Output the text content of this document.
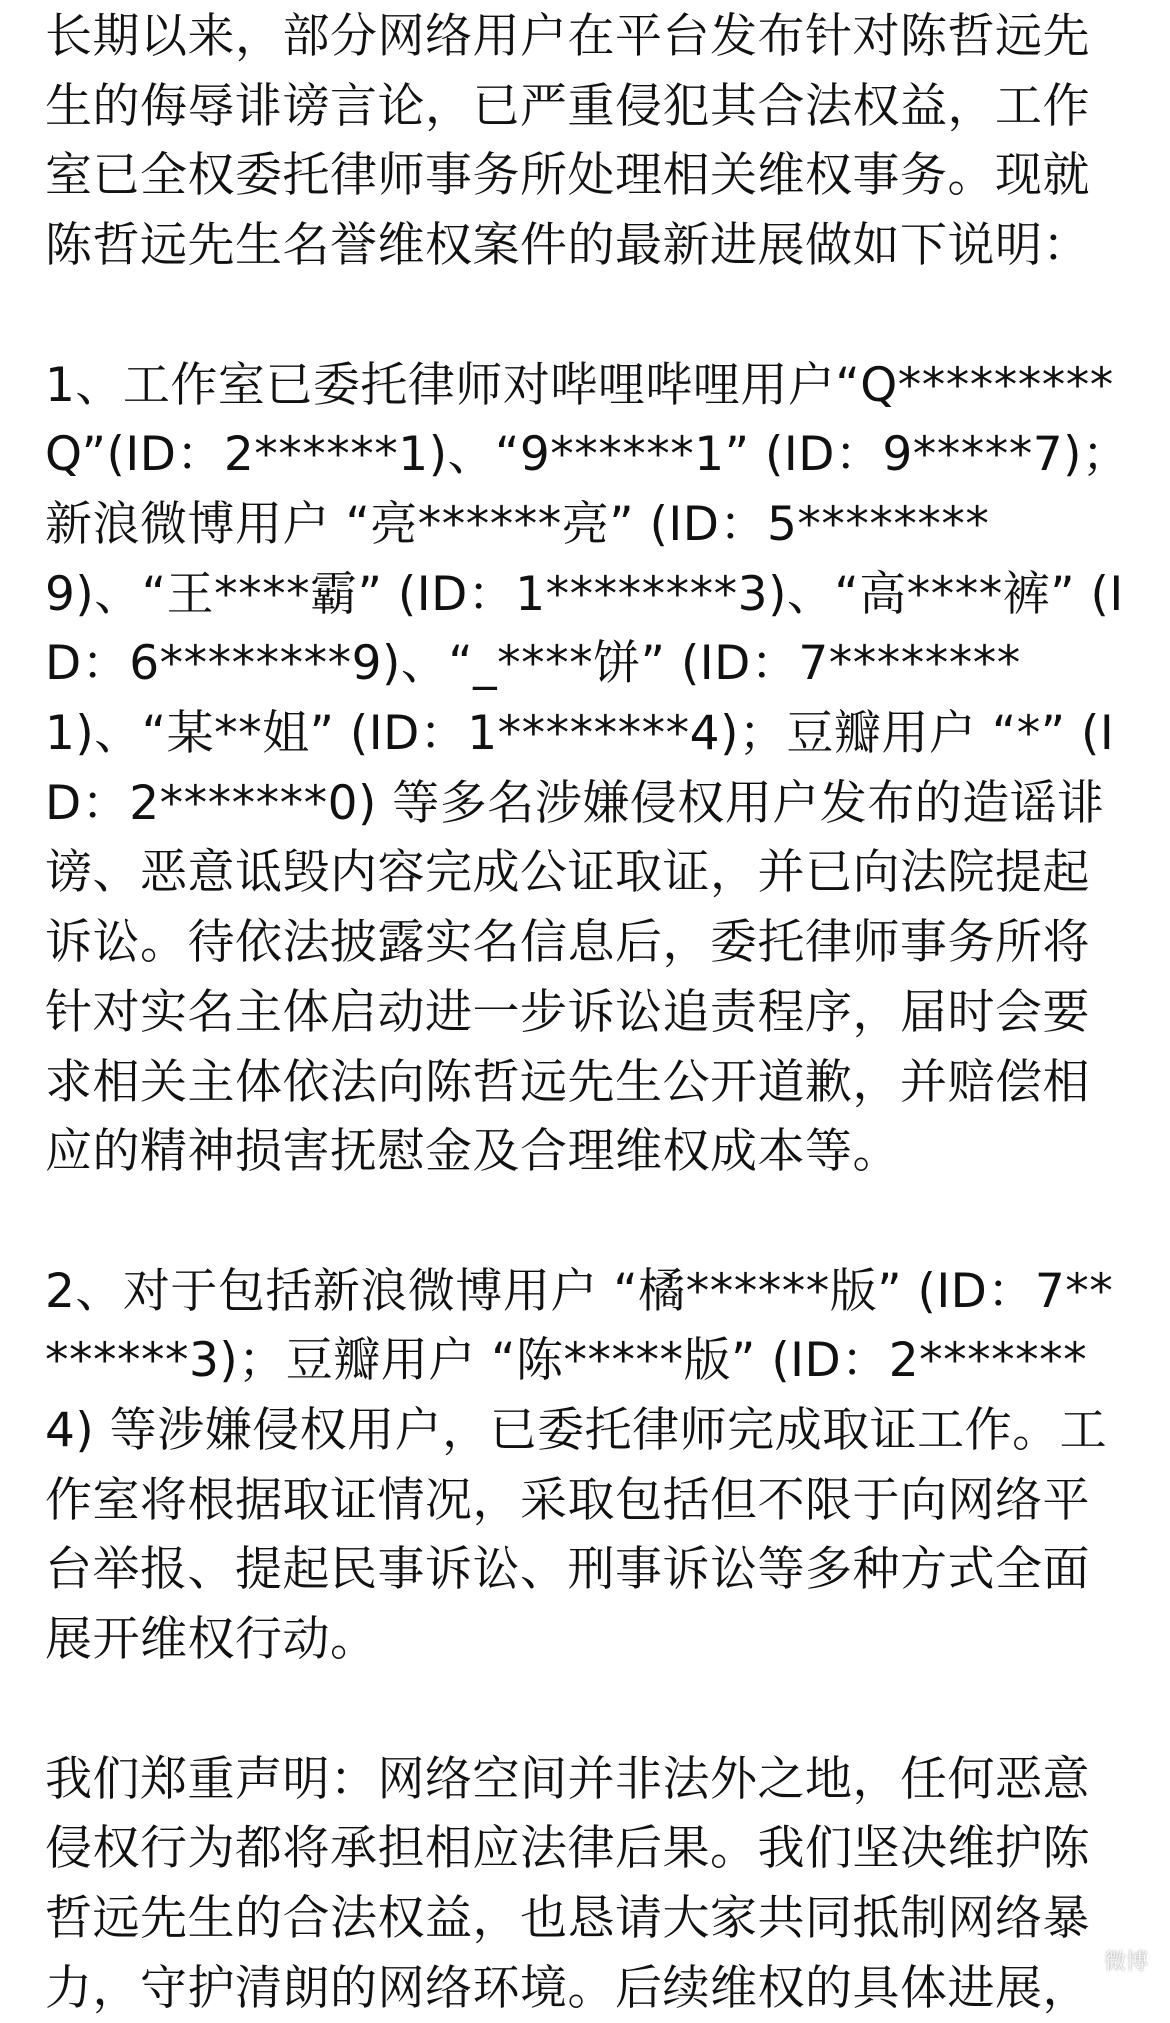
长期以来，部分网络用户在平台发布针对陈哲远先生的侮辱诽谤言论，已严重侵犯其合法权益，工作室已全权委托律师事务所处理相关维权事务。现就陈哲远先生名誉维权案件的最新进展做如下说明：

1、工作室已委托律师对哔哩哔哩用户“Q*********Q”(ID：2******1)、“9******1” (ID：9*****7)；新浪微博用户 “亮******亮” (ID：5********9)、“王****霸” (ID：1********3)、“高****裤” (ID：6********9)、“_****饼” (ID：7********1)、“某**姐” (ID：1********4)；豆瓣用户 “*” (ID：2*******0) 等多名涉嫌侵权用户发布的造谣诽谤、恶意诋毁内容完成公证取证，并已向法院提起诉讼。待依法披露实名信息后，委托律师事务所将针对实名主体启动进一步诉讼追责程序，届时会要求相关主体依法向陈哲远先生公开道歉，并赔偿相应的精神损害抚慰金及合理维权成本等。

2、对于包括新浪微博用户 “橘******版” (ID：7********3)；豆瓣用户 “陈*****版” (ID：2*******4) 等涉嫌侵权用户，已委托律师完成取证工作。工作室将根据取证情况，采取包括但不限于向网络平台举报、提起民事诉讼、刑事诉讼等多种方式全面展开维权行动。

我们郑重声明：网络空间并非法外之地，任何恶意侵权行为都将承担相应法律后果。我们坚决维护陈哲远先生的合法权益，也恳请大家共同抵制网络暴力，守护清朗的网络环境。后续维权的具体进展， 微博
